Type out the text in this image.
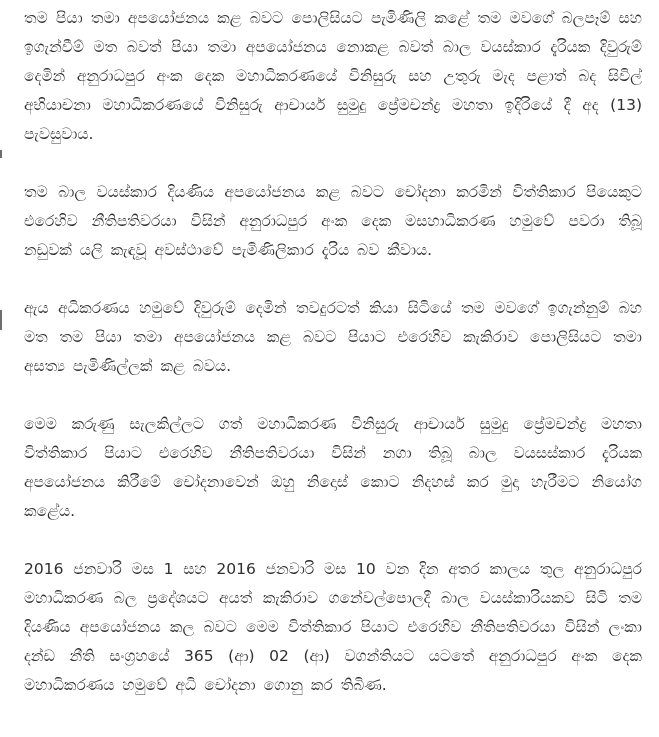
තම පියා තමා අපයෝජනය කළ බවට පොලිසියට පැමිණිලි කළේ තම මවගේ බලපෑම් සහ ඉගැන්වීම් මත බවත් පියා තමා අපයෝජනය නොකළ බවත් බාල වයස්කාර දැරියක දිවුරුම් දෙමින් අනුරාධපුර අංක දෙක මහාධිකරණයේ විනිසුරු සහ උතුරු මැද පළාත් බද සිවිල් අභියාචනා මහාධිකරණයේ විනිසුරු ආචාර්ය සුමුදු ප්‍රේමචන්ද්‍ර මහතා ඉදිරියේ දී අද (13) පැවසුවාය.

තම බාල වයස්කාර දියණිය අපයෝජනය කළ බවට චෝදනා කරමින් විත්තිකාර පියෙකුට එරෙහිව නීතිපතිවරයා විසින් අනුරාධපුර අංක දෙක මසහාධිකරණ හමුවේ පවරා තිබූ නඩුවක් යලි කැඳවූ අවස්ථාවේ පැමිණිලිකාර දැරිය බව කීවාය.

ඇය අධිකරණය හමුවේ දිවුරුම් දෙමින් තවදුරටත් කියා සිටියේ තම මවගේ ඉගැන්නුම් බහ මත තම පියා තමා අපයෝජනය කළ බවට පියාට එරෙහිව කැකිරාව පොලිසියට තමා අසත්‍ය පැමිණිල්ලක් කළ බවය.

මෙම කරුණු සැලකිල්ලට ගත් මහාධිකරණ විනිසුරු ආචාර්ය සුමුදු ප්‍රේමචන්ද්‍ර මහතා විත්තිකාර පියාට එරෙහිව නීතිපතිවරයා විසින් නගා තිබූ බාල වයසස්කාර දැරියක අපයෝජනය කිරීමේ චෝදනාවෙන් ඔහු නිදොස් කොට නිදහස් කර මුදා හැරීමට නියෝග කළේය.

2016 ජනවාරි මස 1 සහ 2016 ජනවාරි මස 10 වන දින අතර කාලය තුල අනුරාධපුර මහාධිකරණ බල ප්‍රදේශයට අයත් කැකිරාව ගනේවල්පොලදී බාල වයස්කාරියකව සිටි තම දියණිය අපයෝජනය කල බවට මෙම විත්තිකාර පියාට එරෙහිව නීතිපතිවරයා විසින් ලංකා දන්ඩ නීති සංග්‍රහයේ 365 (ආ) 02 (ආ) වගන්තියට යටතේ අනුරාධපුර අංක දෙක මහාධිකරණය හමුවේ අධි චෝදනා ගොනු කර තිබිණ.
